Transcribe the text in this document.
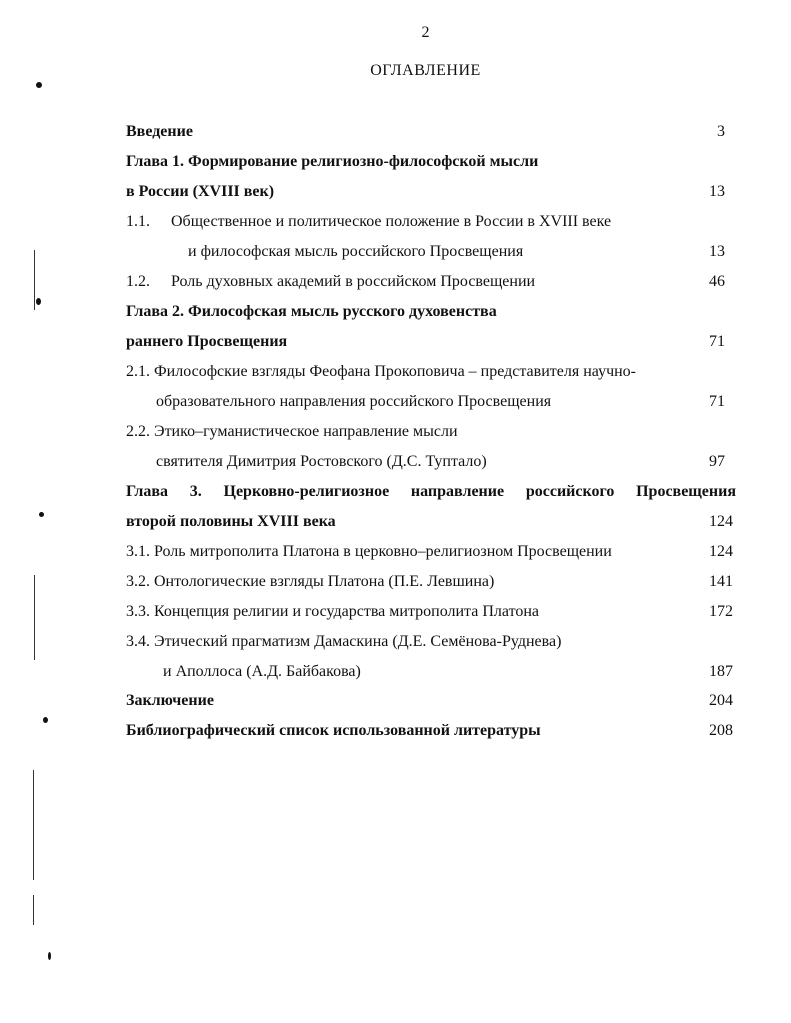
2
ОГЛАВЛЕНИЕ
Введение	3
Глава 1. Формирование религиозно-философской мысли
в России (XVIII век)	13
1.1. Общественное и политическое положение в России в XVIII веке
и философская мысль российского Просвещения	13
1.2. Роль духовных академий в российском Просвещении	46
Глава 2. Философская мысль русского духовенства
раннего Просвещения	71
2.1. Философские взгляды Феофана Прокоповича – представителя научно-
образовательного направления российского Просвещения	71
2.2. Этико–гуманистическое направление мысли
святителя Димитрия Ростовского (Д.С. Туптало)	97
Глава 3. Церковно-религиозное направление российского Просвещения
второй половины XVIII века	124
3.1. Роль митрополита Платона в церковно–религиозном Просвещении	124
3.2. Онтологические взгляды Платона (П.Е. Левшина)	141
3.3. Концепция религии и государства митрополита Платона	172
3.4. Этический прагматизм Дамаскина (Д.Е. Семёнова-Руднева)
и Аполлоса (А.Д. Байбакова)	187
Заключение	204
Библиографический список использованной литературы	208
